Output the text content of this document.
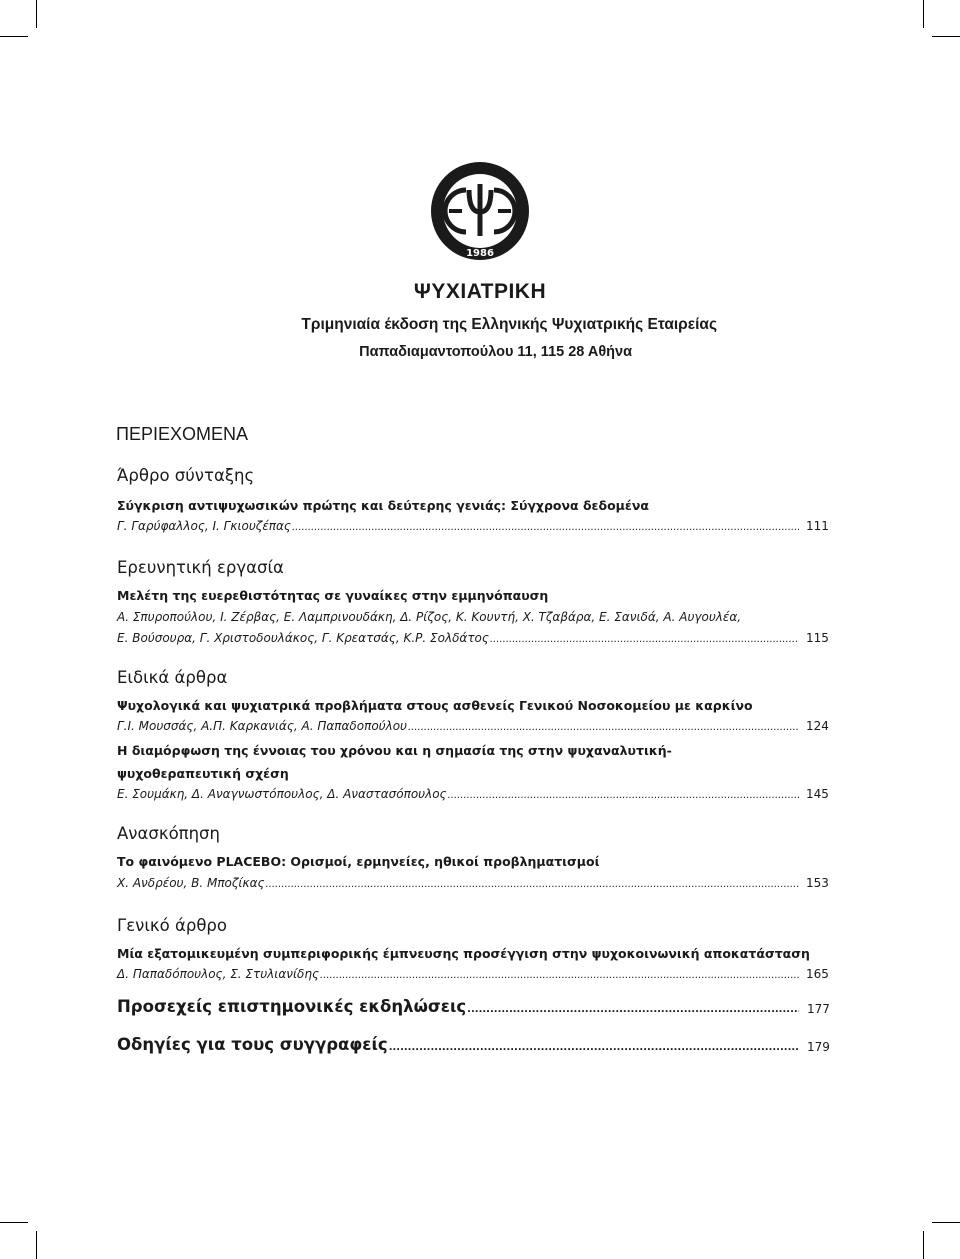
1986
ΨΥΧΙΑΤΡΙΚΗ
Τριμηνιαία έκδοση της Ελληνικής Ψυχιατρικής Εταιρείας
Παπαδιαμαντοπούλου 11, 115 28 Αθήνα
ΠΕΡΙΕΧΟΜΕΝΑ
Άρθρο σύνταξης
Σύγκριση αντιψυχωσικών πρώτης και δεύτερης γενιάς: Σύγχρονα δεδομένα
Γ. Γαρύφαλλος, Ι. Γκιουζέπας .....	111
Ερευνητική εργασία
Μελέτη της ευερεθιστότητας σε γυναίκες στην εμμηνόπαυση
Α. Σπυροπούλου, Ι. Ζέρβας, Ε. Λαμπρινουδάκη, Δ. Ρίζος, Κ. Κουντή, Χ. Τζαβάρα, Ε. Σανιδά, Α. Αυγουλέα,
Ε. Βούσουρα, Γ. Χριστοδουλάκος, Γ. Κρεατσάς, Κ.Ρ. Σολδάτος .....	115
Ειδικά άρθρα
Ψυχολογικά και ψυχιατρικά προβλήματα στους ασθενείς Γενικού Νοσοκομείου με καρκίνο
Γ.Ι. Μουσσάς, Α.Π. Καρκανιάς, Α. Παπαδοπούλου .....	124
Η διαμόρφωση της έννοιας του χρόνου και η σημασία της στην ψυχαναλυτική-
ψυχοθεραπευτική σχέση
Ε. Σουμάκη, Δ. Αναγνωστόπουλος, Δ. Αναστασόπουλος .....	145
Ανασκόπηση
Το φαινόμενο PLACEBO: Ορισμοί, ερμηνείες, ηθικοί προβληματισμοί
Χ. Ανδρέου, Β. Μποζίκας .....	153
Γενικό άρθρο
Μία εξατομικευμένη συμπεριφορικής έμπνευσης προσέγγιση στην ψυχοκοινωνική αποκατάσταση
Δ. Παπαδόπουλος, Σ. Στυλιανίδης .....	165
Προσεχείς επιστημονικές εκδηλώσεις .....	177
Οδηγίες για τους συγγραφείς .....	179
